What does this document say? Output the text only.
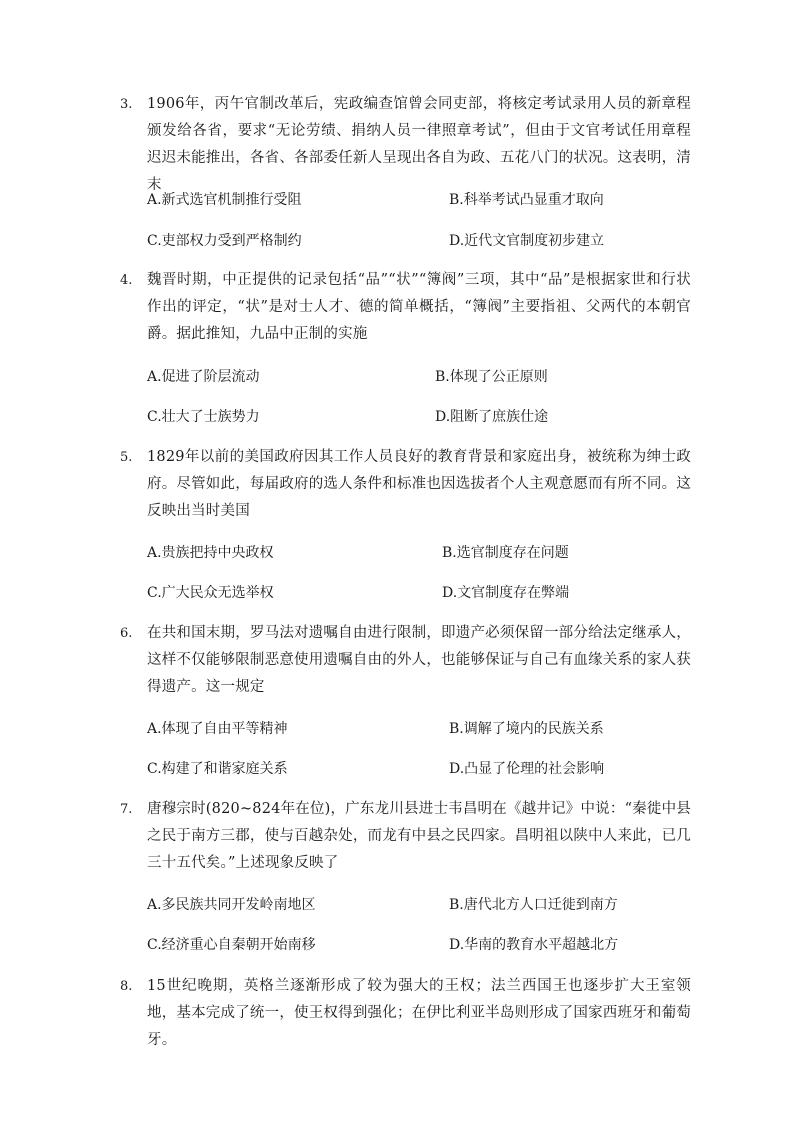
3. 1906年，丙午官制改革后，宪政编查馆曾会同吏部，将核定考试录用人员的新章程颁发给各省，要求“无论劳绩、捐纳人员一律照章考试”，但由于文官考试任用章程迟迟未能推出，各省、各部委任新人呈现出各自为政、五花八门的状况。这表明，清末
A.新式选官机制推行受阻	B.科举考试凸显重才取向
C.吏部权力受到严格制约	D.近代文官制度初步建立
4. 魏晋时期，中正提供的记录包括“品”“状”“簿阀”三项，其中“品”是根据家世和行状作出的评定，“状”是对士人才、德的简单概括，“簿阀”主要指祖、父两代的本朝官爵。据此推知，九品中正制的实施
A.促进了阶层流动	B.体现了公正原则
C.壮大了士族势力	D.阻断了庶族仕途
5. 1829年以前的美国政府因其工作人员良好的教育背景和家庭出身，被统称为绅士政府。尽管如此，每届政府的选人条件和标准也因选拔者个人主观意愿而有所不同。这反映出当时美国
A.贵族把持中央政权	B.选官制度存在问题
C.广大民众无选举权	D.文官制度存在弊端
6. 在共和国末期，罗马法对遗嘱自由进行限制，即遗产必须保留一部分给法定继承人，这样不仅能够限制恶意使用遗嘱自由的外人，也能够保证与自己有血缘关系的家人获得遗产。这一规定
A.体现了自由平等精神	B.调解了境内的民族关系
C.构建了和谐家庭关系	D.凸显了伦理的社会影响
7. 唐穆宗时(820~824年在位)，广东龙川县进士韦昌明在《越井记》中说：“秦徙中县之民于南方三郡，使与百越杂处，而龙有中县之民四家。昌明祖以陕中人来此，已几三十五代矣。”上述现象反映了
A.多民族共同开发岭南地区	B.唐代北方人口迁徙到南方
C.经济重心自秦朝开始南移	D.华南的教育水平超越北方
8. 15世纪晚期，英格兰逐渐形成了较为强大的王权；法兰西国王也逐步扩大王室领地，基本完成了统一，使王权得到强化；在伊比利亚半岛则形成了国家西班牙和葡萄牙。
